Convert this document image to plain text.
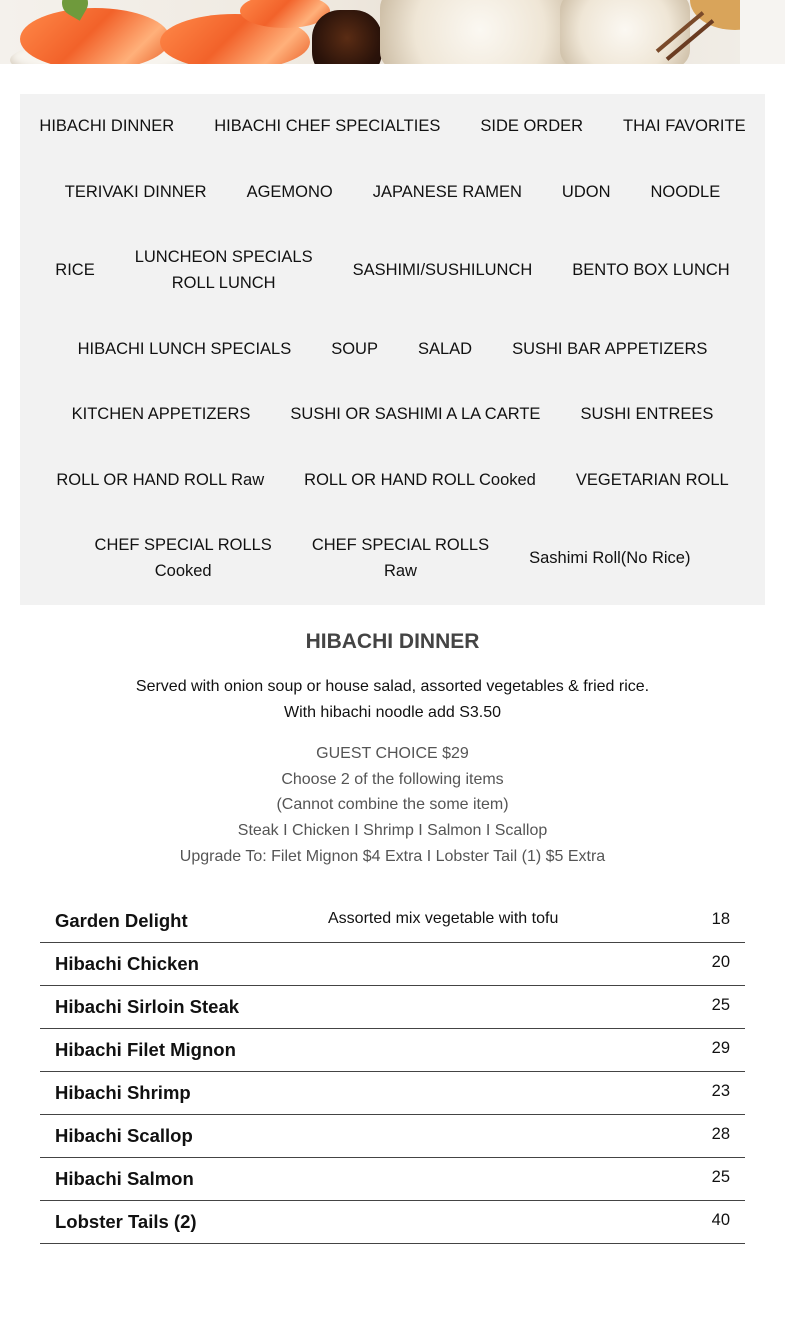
HIBACHI DINNER	HIBACHI CHEF SPECIALTIES	SIDE ORDER	THAI FAVORITE
TERIVAKI DINNER	AGEMONO	JAPANESE RAMEN	UDON	NOODLE
RICE
LUNCHEON SPECIALS
ROLL LUNCH
SASHIMI/SUSHILUNCH	BENTO BOX LUNCH
HIBACHI LUNCH SPECIALS	SOUP	SALAD	SUSHI BAR APPETIZERS
KITCHEN APPETIZERS	SUSHI OR SASHIMI A LA CARTE	SUSHI ENTREES
ROLL OR HAND ROLL Raw	ROLL OR HAND ROLL Cooked	VEGETARIAN ROLL
CHEF SPECIAL ROLLS
Cooked
CHEF SPECIAL ROLLS
Raw
Sashimi Roll(No Rice)
HIBACHI DINNER
Served with onion soup or house salad, assorted vegetables & fried rice.
With hibachi noodle add S3.50
GUEST CHOICE $29
Choose 2 of the following items
(Cannot combine the some item)
Steak I Chicken I Shrimp I Salmon I Scallop
Upgrade To: Filet Mignon $4 Extra I Lobster Tail (1) $5 Extra
Garden Delight	Assorted mix vegetable with tofu	18
Hibachi Chicken	20
Hibachi Sirloin Steak	25
Hibachi Filet Mignon	29
Hibachi Shrimp	23
Hibachi Scallop	28
Hibachi Salmon	25
Lobster Tails (2)	40
